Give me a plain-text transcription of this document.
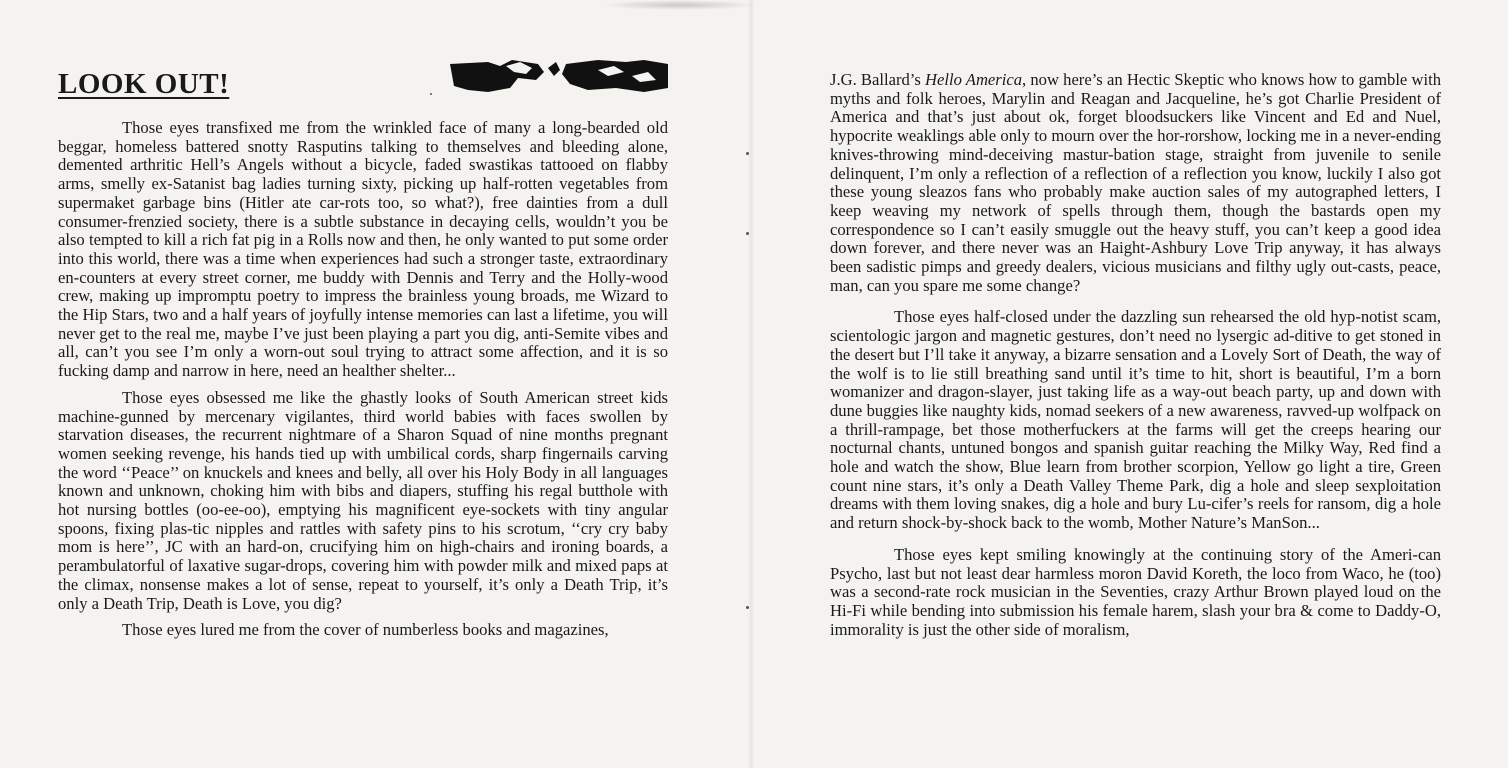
LOOK OUT!

Those eyes transfixed me from the wrinkled face of many a long-bearded old beggar, homeless battered snotty Rasputins talking to themselves and bleeding alone, demented arthritic Hell’s Angels without a bicycle, faded swastikas tattooed on flabby arms, smelly ex-Satanist bag ladies turning sixty, picking up half-rotten vegetables from supermaket garbage bins (Hitler ate car-rots too, so what?), free dainties from a dull consumer-frenzied society, there is a subtle substance in decaying cells, wouldn’t you be also tempted to kill a rich fat pig in a Rolls now and then, he only wanted to put some order into this world, there was a time when experiences had such a stronger taste, extraordinary en-counters at every street corner, me buddy with Dennis and Terry and the Holly-wood crew, making up impromptu poetry to impress the brainless young broads, me Wizard to the Hip Stars, two and a half years of joyfully intense memories can last a lifetime, you will never get to the real me, maybe I’ve just been playing a part you dig, anti-Semite vibes and all, can’t you see I’m only a worn-out soul trying to attract some affection, and it is so fucking damp and narrow in here, need an healther shelter...

Those eyes obsessed me like the ghastly looks of South American street kids machine-gunned by mercenary vigilantes, third world babies with faces swollen by starvation diseases, the recurrent nightmare of a Sharon Squad of nine months pregnant women seeking revenge, his hands tied up with umbilical cords, sharp fingernails carving the word ‘‘Peace’’ on knuckels and knees and belly, all over his Holy Body in all languages known and unknown, choking him with bibs and diapers, stuffing his regal butthole with hot nursing bottles (oo-ee-oo), emptying his magnificent eye-sockets with tiny angular spoons, fixing plas-tic nipples and rattles with safety pins to his scrotum, ‘‘cry cry baby mom is here’’, JC with an hard-on, crucifying him on high-chairs and ironing boards, a perambulatorful of laxative sugar-drops, covering him with powder milk and mixed paps at the climax, nonsense makes a lot of sense, repeat to yourself, it’s only a Death Trip, it’s only a Death Trip, Death is Love, you dig?

Those eyes lured me from the cover of numberless books and magazines,

J.G. Ballard’s Hello America, now here’s an Hectic Skeptic who knows how to gamble with myths and folk heroes, Marylin and Reagan and Jacqueline, he’s got Charlie President of America and that’s just about ok, forget bloodsuckers like Vincent and Ed and Nuel, hypocrite weaklings able only to mourn over the hor-rorshow, locking me in a never-ending knives-throwing mind-deceiving mastur-bation stage, straight from juvenile to senile delinquent, I’m only a reflection of a reflection of a reflection you know, luckily I also got these young sleazos fans who probably make auction sales of my autographed letters, I keep weaving my network of spells through them, though the bastards open my correspondence so I can’t easily smuggle out the heavy stuff, you can’t keep a good idea down forever, and there never was an Haight-Ashbury Love Trip anyway, it has always been sadistic pimps and greedy dealers, vicious musicians and filthy ugly out-casts, peace, man, can you spare me some change?

Those eyes half-closed under the dazzling sun rehearsed the old hyp-notist scam, scientologic jargon and magnetic gestures, don’t need no lysergic ad-ditive to get stoned in the desert but I’ll take it anyway, a bizarre sensation and a Lovely Sort of Death, the way of the wolf is to lie still breathing sand until it’s time to hit, short is beautiful, I’m a born womanizer and dragon-slayer, just taking life as a way-out beach party, up and down with dune buggies like naughty kids, nomad seekers of a new awareness, ravved-up wolfpack on a thrill-rampage, bet those motherfuckers at the farms will get the creeps hearing our nocturnal chants, untuned bongos and spanish guitar reaching the Milky Way, Red find a hole and watch the show, Blue learn from brother scorpion, Yellow go light a tire, Green count nine stars, it’s only a Death Valley Theme Park, dig a hole and sleep sexploitation dreams with them loving snakes, dig a hole and bury Lu-cifer’s reels for ransom, dig a hole and return shock-by-shock back to the womb, Mother Nature’s ManSon...

Those eyes kept smiling knowingly at the continuing story of the Ameri-can Psycho, last but not least dear harmless moron David Koreth, the loco from Waco, he (too) was a second-rate rock musician in the Seventies, crazy Arthur Brown played loud on the Hi-Fi while bending into submission his female harem, slash your bra & come to Daddy-O, immorality is just the other side of moralism,
